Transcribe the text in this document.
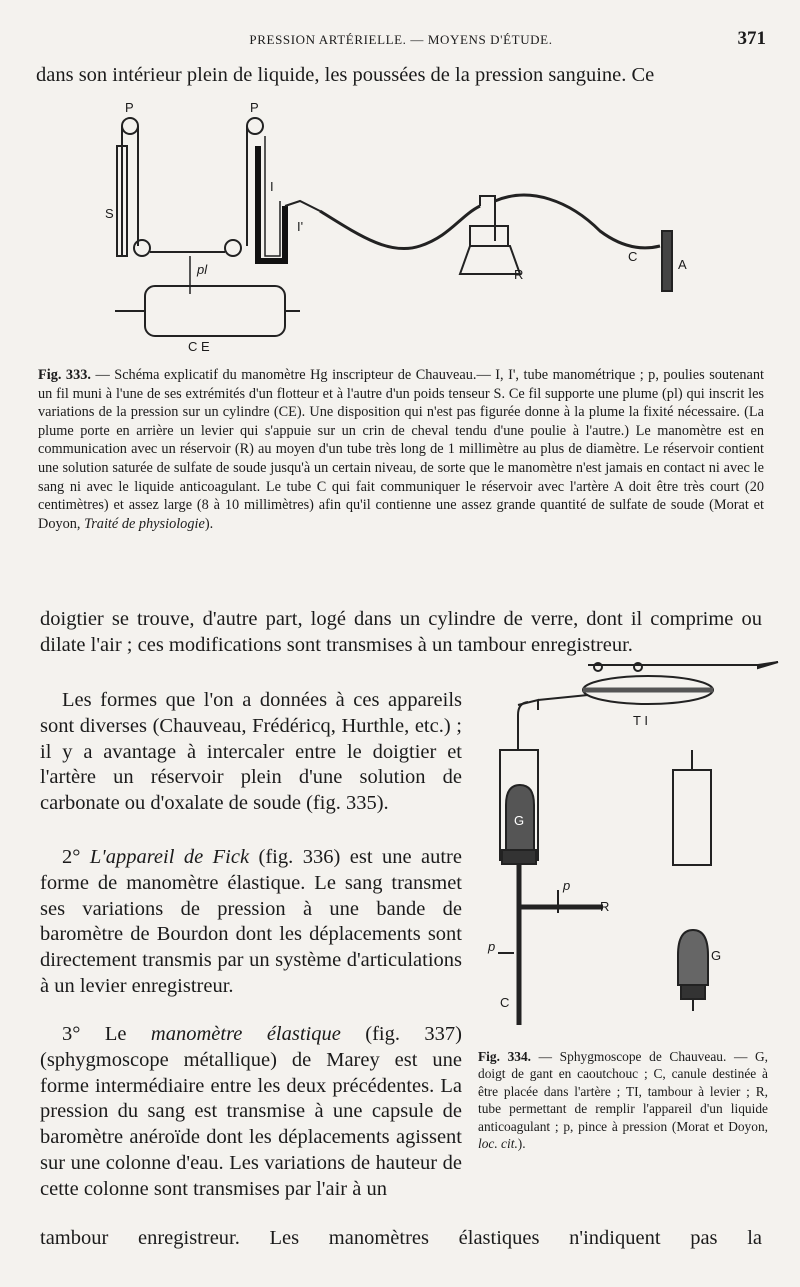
PRESSION ARTÉRIELLE. — MOYENS D'ÉTUDE.	371

dans son intérieur plein de liquide, les poussées de la pression sanguine. Ce

P	P
S
I
I'
pl
C E
R
C
A

Fig. 333. — Schéma explicatif du manomètre Hg inscripteur de Chauveau.— I, I', tube manométrique ; p, poulies soutenant un fil muni à l'une de ses extrémités d'un flotteur et à l'autre d'un poids tenseur S. Ce fil supporte une plume (pl) qui inscrit les variations de la pression sur un cylindre (CE). Une disposition qui n'est pas figurée donne à la plume la fixité nécessaire. (La plume porte en arrière un levier qui s'appuie sur un crin de cheval tendu d'une poulie à l'autre.) Le manomètre est en communication avec un réservoir (R) au moyen d'un tube très long de 1 millimètre au plus de diamètre. Le réservoir contient une solution saturée de sulfate de soude jusqu'à un certain niveau, de sorte que le manomètre n'est jamais en contact ni avec le sang ni avec le liquide anticoagulant. Le tube C qui fait communiquer le réservoir avec l'artère A doit être très court (20 centimètres) et assez large (8 à 10 millimètres) afin qu'il contienne une assez grande quantité de sulfate de soude (Morat et Doyon, Traité de physiologie).

doigtier se trouve, d'autre part, logé dans un cylindre de verre, dont il comprime ou dilate l'air ; ces modifications sont transmises à un tambour enregistreur.

Les formes que l'on a données à ces appareils sont diverses (Chauveau, Frédéricq, Hurthle, etc.) ; il y a avantage à intercaler entre le doigtier et l'artère un réservoir plein d'une solution de carbonate ou d'oxalate de soude (fig. 335).

2° L'appareil de Fick (fig. 336) est une autre forme de manomètre élastique. Le sang transmet ses variations de pression à une bande de baromètre de Bourdon dont les déplacements sont directement transmis par un système d'articulations à un levier enregistreur.

3° Le manomètre élastique (fig. 337) (sphygmoscope métallique) de Marey est une forme intermédiaire entre les deux précédentes. La pression du sang est transmise à une capsule de baromètre anéroïde dont les déplacements agissent sur une colonne d'eau. Les variations de hauteur de cette colonne sont transmises par l'air à un

T I
G
p
R
p
C
G

Fig. 334. — Sphygmoscope de Chauveau. — G, doigt de gant en caoutchouc ; C, canule destinée à être placée dans l'artère ; TI, tambour à levier ; R, tube permettant de remplir l'appareil d'un liquide anticoagulant ; p, pince à pression (Morat et Doyon, loc. cit.).

tambour enregistreur. Les manomètres élastiques n'indiquent pas la
